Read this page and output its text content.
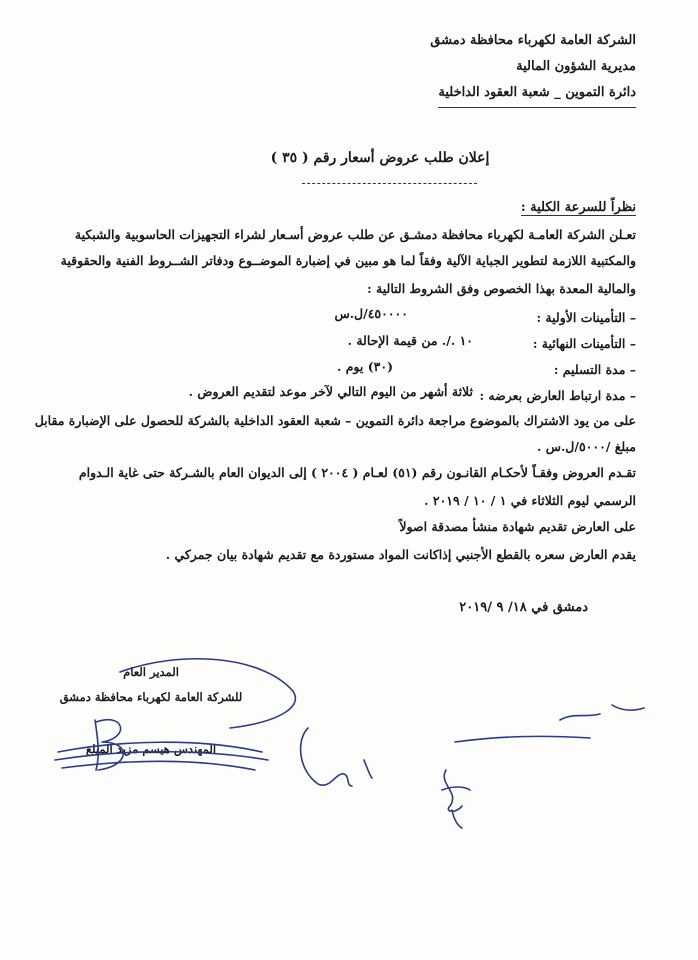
الشركة العامة لكهرباء محافظة دمشق
مديرية الشؤون المالية
دائرة التموين _ شعبة العقود الداخلية
إعلان طلب عروض أسعار رقم ( ٣٥ )
-----------------------------------
نظراً للسرعة الكلية :
تعـلن الشركة العامـة لكهرباء محافظة دمشـق عن طلب عروض أسـعار لشراء التجهيزات الحاسوبية والشبكية
والمكتبية اللازمة لتطوير الجباية الآلية وفقاً لما هو مبين في إضبارة الموضــوع ودفاتر الشــروط الفنية والحقوقية
والمالية المعدة بهذا الخصوص وفق الشروط التالية :
– التأمينات الأولية :
٤٥٠٠٠٠/ل.س
– التأمينات النهائية :
١٠ ./. من قيمة الإحالة .
– مدة التسليم :
(٣٠) يوم .
– مدة ارتباط العارض بعرضه :
ثلاثة أشهر من اليوم التالي لآخر موعد لتقديم العروض .
على من يود الاشتراك بالموضوع مراجعة دائرة التموين – شعبة العقود الداخلية بالشركة للحصول على الإضبارة مقابل
مبلغ /٥٠٠٠/ل.س .
تقـدم العروض وفقـاً لأحكـام القانـون رقم (٥١) لعـام ( ٢٠٠٤ ) إلى الديوان العام بالشـركة حتى غاية الـدوام
الرسمي ليوم الثلاثاء في ١ / ١٠ / ٢٠١٩ .
على العارض تقديم شهادة منشأ مصدقة اصولاً
يقدم العارض سعره بالقطع الأجنبي إذاكانت المواد مستوردة مع تقديم شهادة بيان جمركي .
دمشق في ١٨/ ٩ /٢٠١٩
المدير العام
للشركة العامة لكهرباء محافظة دمشق
المهندس هيسم مزيد الميلع
